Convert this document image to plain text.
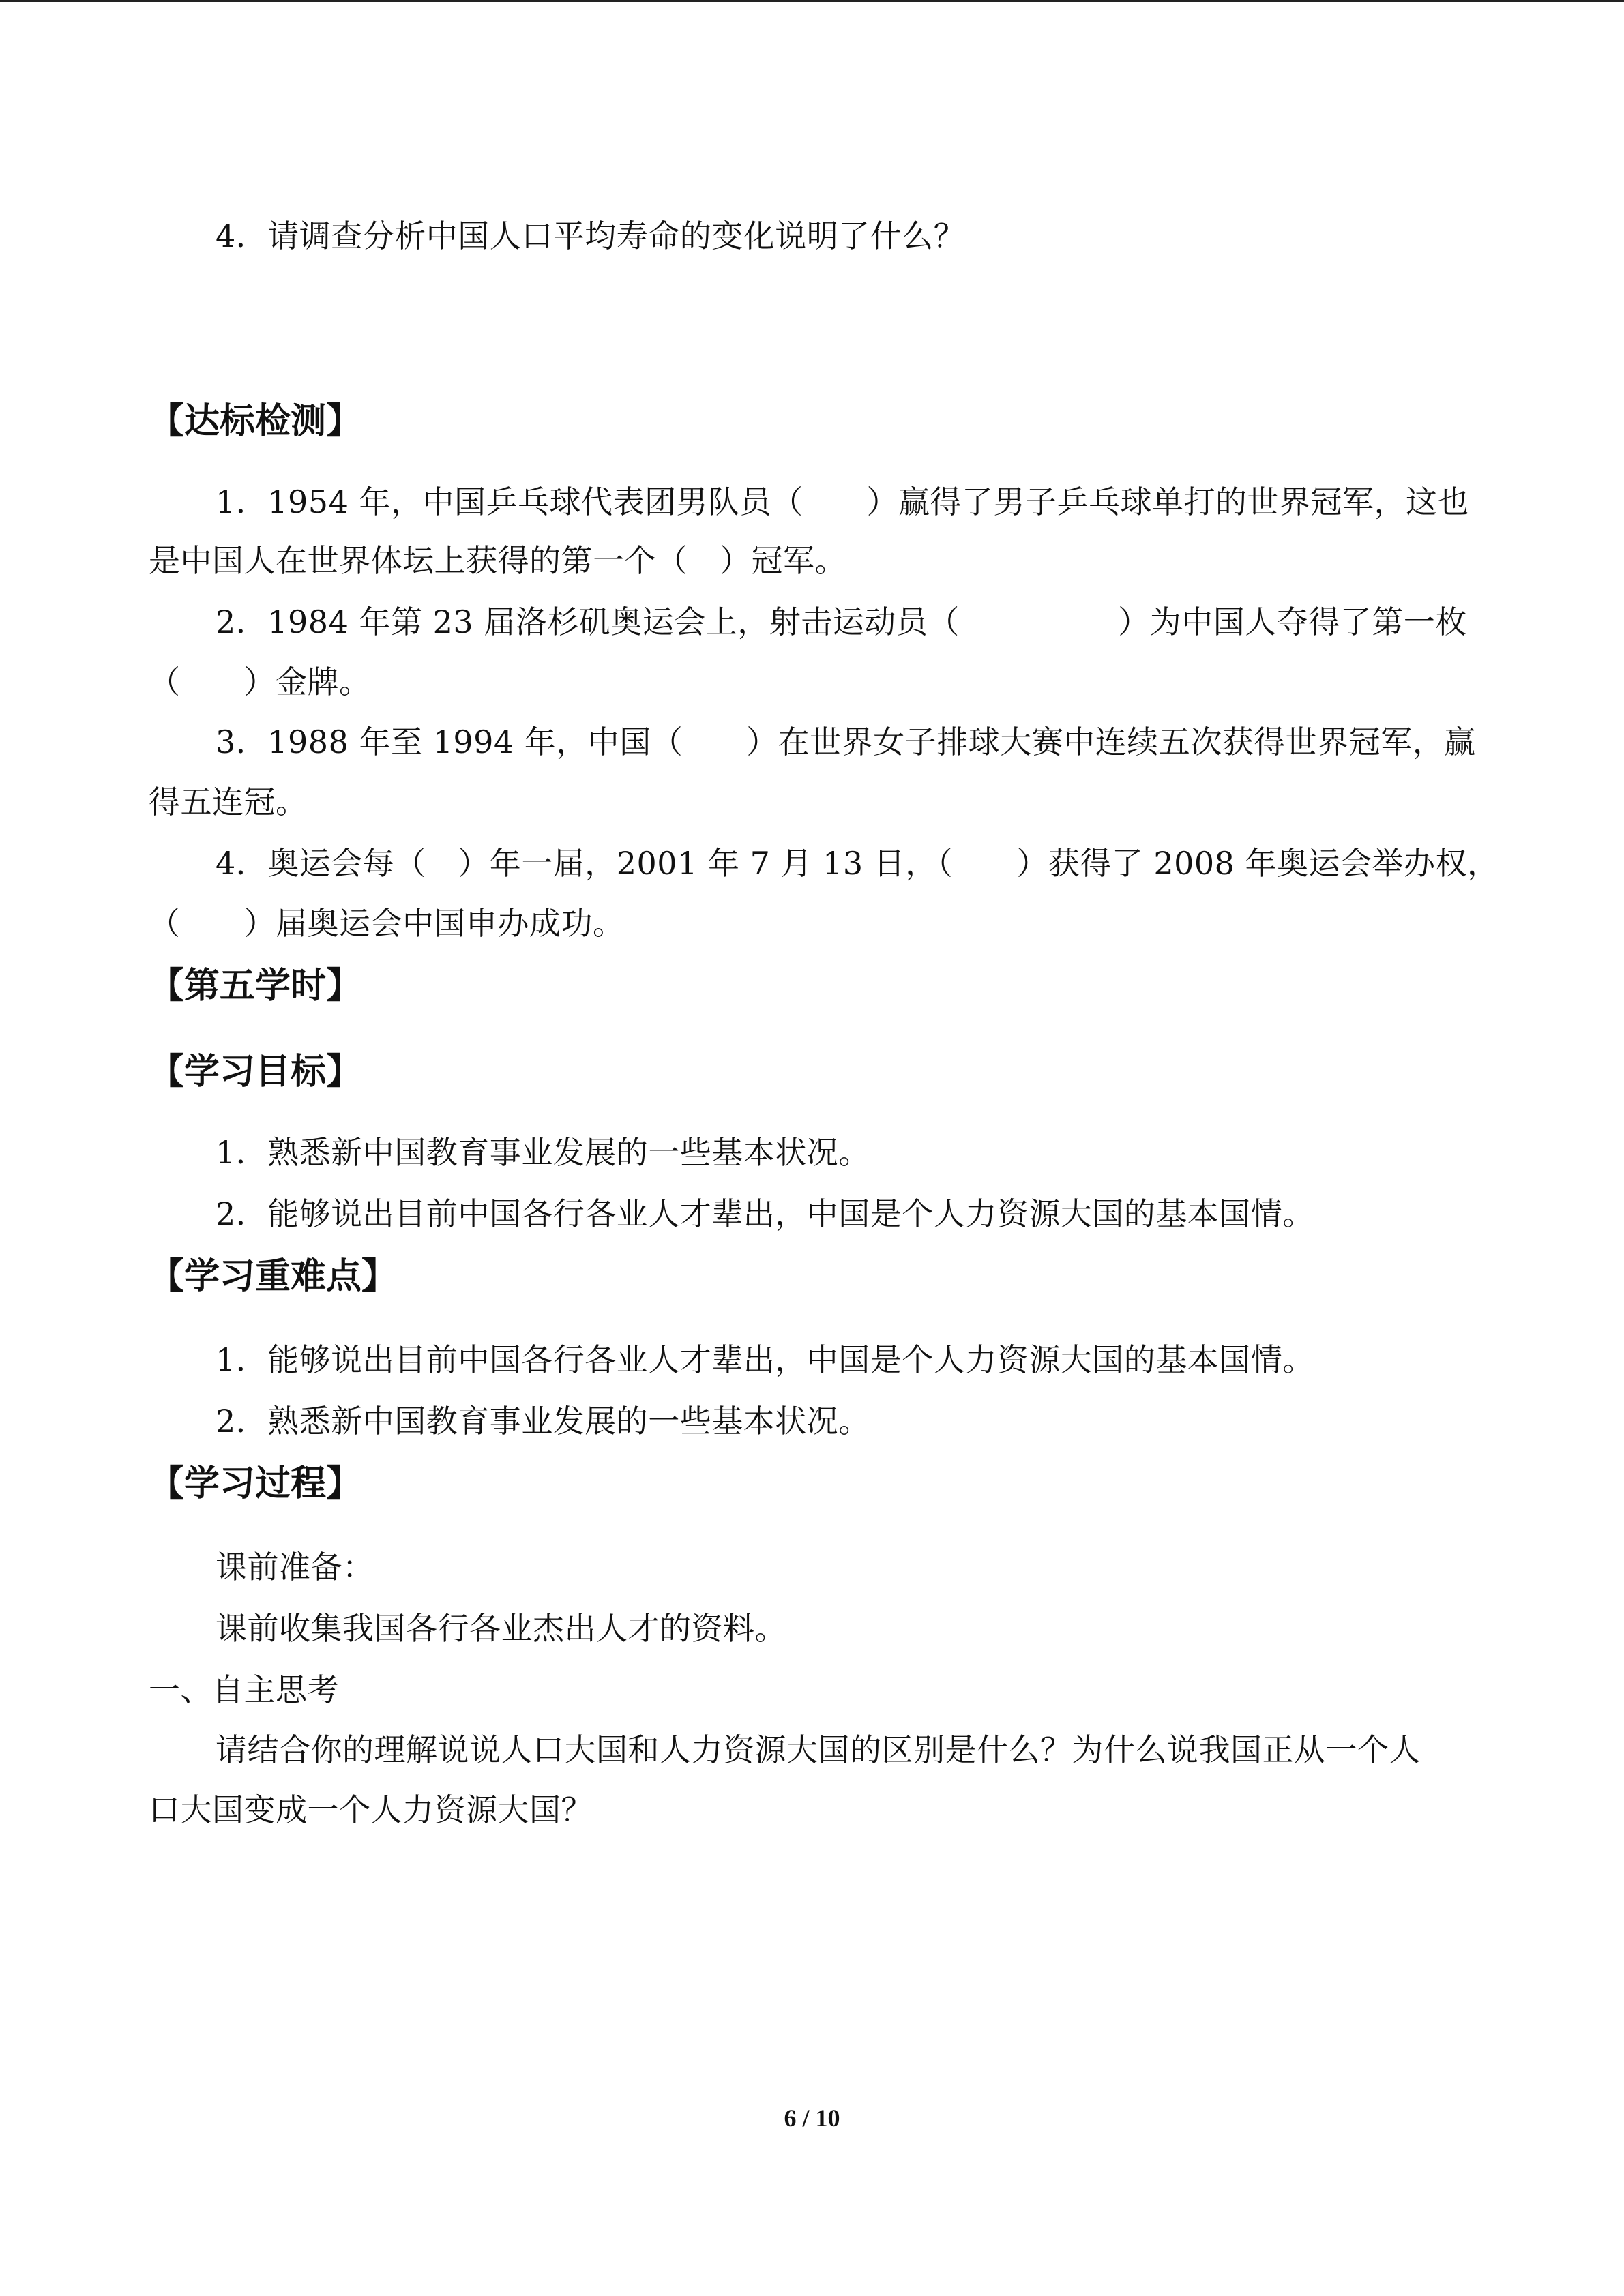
4．请调查分析中国人口平均寿命的变化说明了什么？
【达标检测】
1．1954 年，中国乒乓球代表团男队员（　　）赢得了男子乒乓球单打的世界冠军，这也
是中国人在世界体坛上获得的第一个（　）冠军。
2．1984 年第 23 届洛杉矶奥运会上，射击运动员（　　　　　）为中国人夺得了第一枚
（　　）金牌。
3．1988 年至 1994 年，中国（　　）在世界女子排球大赛中连续五次获得世界冠军，赢
得五连冠。
4．奥运会每（　）年一届，2001 年 7 月 13 日，（　　）获得了 2008 年奥运会举办权，
（　　）届奥运会中国申办成功。
【第五学时】
【学习目标】
1．熟悉新中国教育事业发展的一些基本状况。
2．能够说出目前中国各行各业人才辈出，中国是个人力资源大国的基本国情。
【学习重难点】
1．能够说出目前中国各行各业人才辈出，中国是个人力资源大国的基本国情。
2．熟悉新中国教育事业发展的一些基本状况。
【学习过程】
课前准备：
课前收集我国各行各业杰出人才的资料。
一、自主思考
请结合你的理解说说人口大国和人力资源大国的区别是什么？为什么说我国正从一个人
口大国变成一个人力资源大国？
6 / 10
